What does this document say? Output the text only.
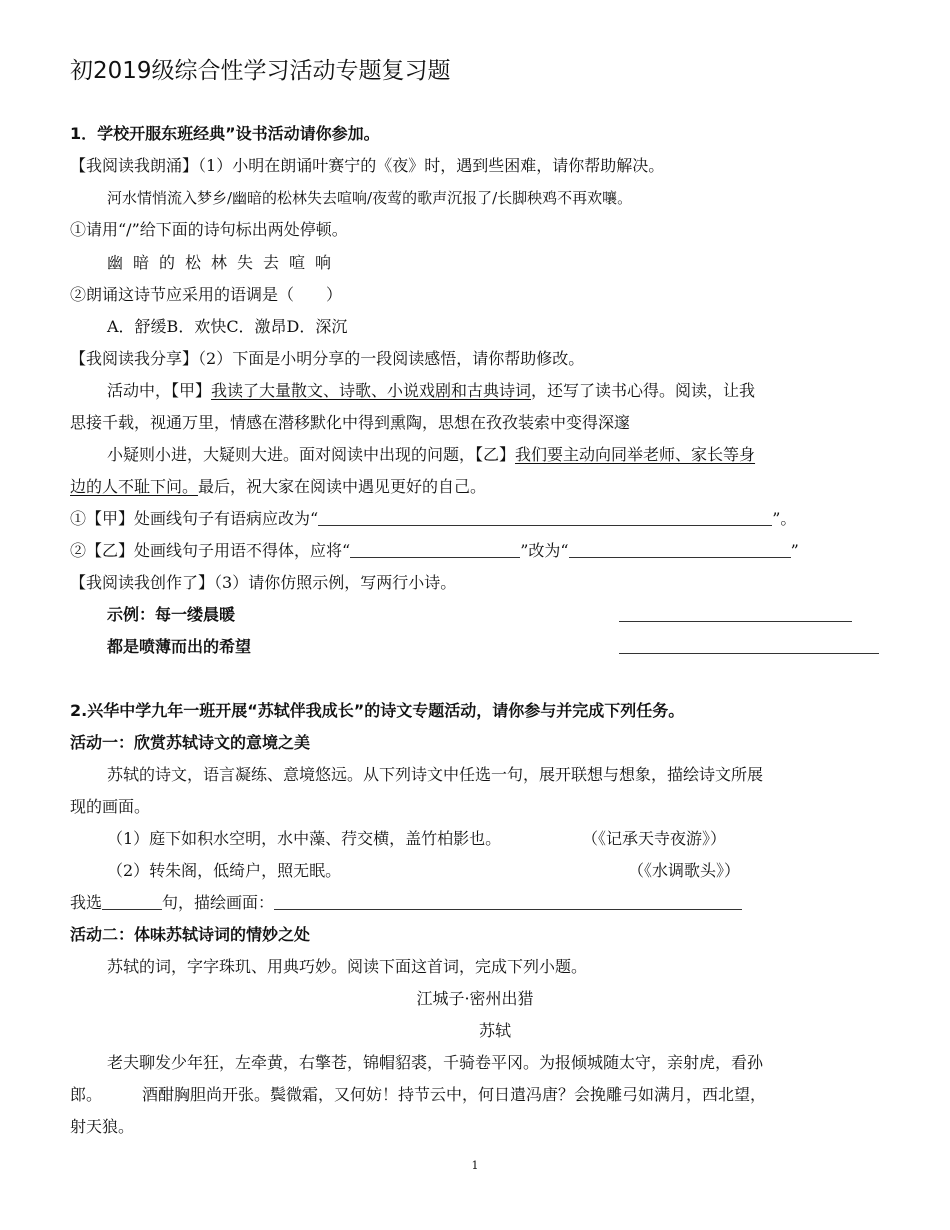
初2019级综合性学习活动专题复习题
1．学校开服东班经典”设书活动请你参加。
【我阅读我朗涌】（1）小明在朗诵叶赛宁的《夜》时，遇到些困难，请你帮助解决。
河水情悄流入梦乡/幽暗的松林失去喧响/夜莺的歌声沉报了/长脚秧鸡不再欢嚷。
①请用“/”给下面的诗句标出两处停顿。
幽暗的松林失去喧响
②朗诵这诗节应采用的语调是（　　）
A．舒缓B．欢快C．激昂D．深沉
【我阅读我分享】（2）下面是小明分享的一段阅读感悟，请你帮助修改。
活动中，【甲】我读了大量散文、诗歌、小说戏剧和古典诗词，还写了读书心得。阅读，让我
思接千载，视通万里，情感在潜移默化中得到熏陶，思想在孜孜装索中变得深邃
小疑则小进，大疑则大进。面对阅读中出现的问题，【乙】我们要主动向同举老师、家长等身
边的人不耻下问。最后，祝大家在阅读中遇见更好的自己。
①【甲】处画线句子有语病应改为“	”。
②【乙】处画线句子用语不得体，应将“	”改为“	”
【我阅读我创作了】（3）请你仿照示例，写两行小诗。
示例：每一缕晨暖
都是喷薄而出的希望
2.兴华中学九年一班开展“苏轼伴我成长”的诗文专题活动，请你参与并完成下列任务。
活动一：欣赏苏轼诗文的意境之美
苏轼的诗文，语言凝练、意境悠远。从下列诗文中任选一句，展开联想与想象，描绘诗文所展
现的画面。
（1）庭下如积水空明，水中藻、荇交横，盖竹柏影也。	（《记承天寺夜游》）
（2）转朱阁，低绮户，照无眠。	（《水调歌头》）
我选	句，描绘画面：
活动二：体味苏轼诗词的情妙之处
苏轼的词，字字珠玑、用典巧妙。阅读下面这首词，完成下列小题。
江城子·密州出猎
苏轼
老夫聊发少年狂，左牵黄，右擎苍，锦帽貂裘，千骑卷平冈。为报倾城随太守，亲射虎，看孙
郎。	酒酣胸胆尚开张。鬓微霜，又何妨！持节云中，何日遣冯唐？会挽雕弓如满月，西北望，
射天狼。
1
